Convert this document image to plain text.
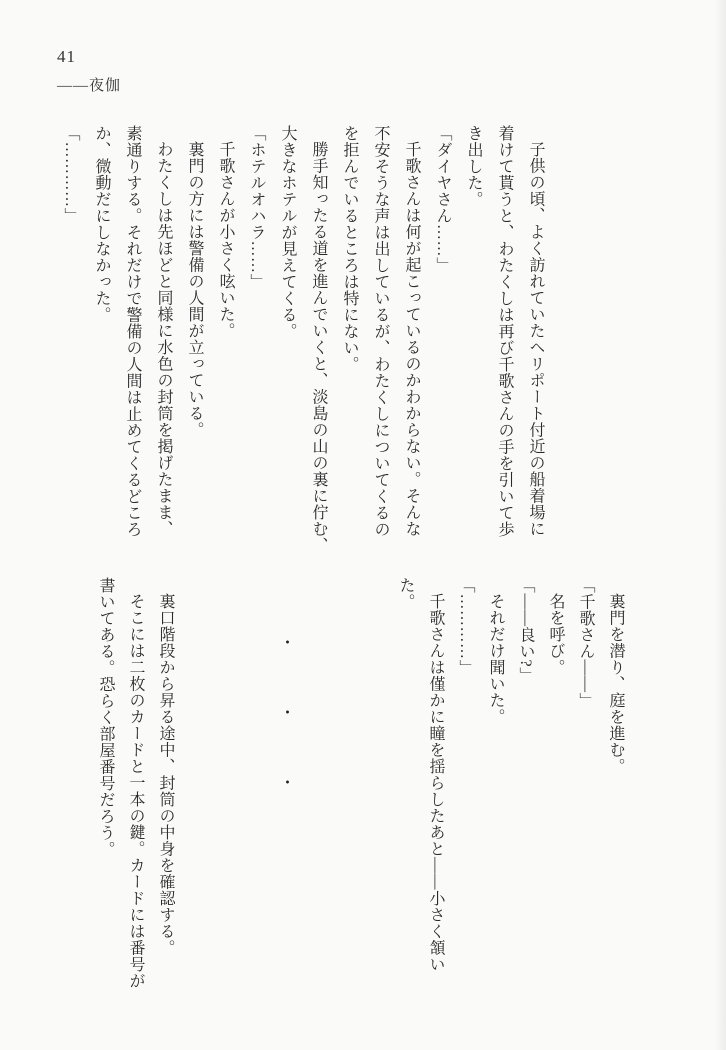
41
――夜伽
子供の頃、よく訪れていたヘリポート付近の船着場に
着けて貰うと、わたくしは再び千歌さんの手を引いて歩
き出した。
「ダイヤさん……」
千歌さんは何が起こっているのかわからない。そんな
不安そうな声は出しているが、わたくしについてくるの
を拒んでいるところは特にない。
勝手知ったる道を進んでいくと、淡島の山の裏に佇む、
大きなホテルが見えてくる。
「ホテルオハラ……」
千歌さんが小さく呟いた。
裏門の方には警備の人間が立っている。
わたくしは先ほどと同様に水色の封筒を掲げたまま、
素通りする。それだけで警備の人間は止めてくるどころ
か、微動だにしなかった。
「…………」
裏門を潜り、庭を進む。
「千歌さん――」
名を呼び。
「――良い?」
それだけ聞いた。
「…………」
千歌さんは僅かに瞳を揺らしたあと――小さく頷い
た。
・・・
裏口階段から昇る途中、封筒の中身を確認する。
そこには二枚のカードと一本の鍵。カードには番号が
書いてある。恐らく部屋番号だろう。
